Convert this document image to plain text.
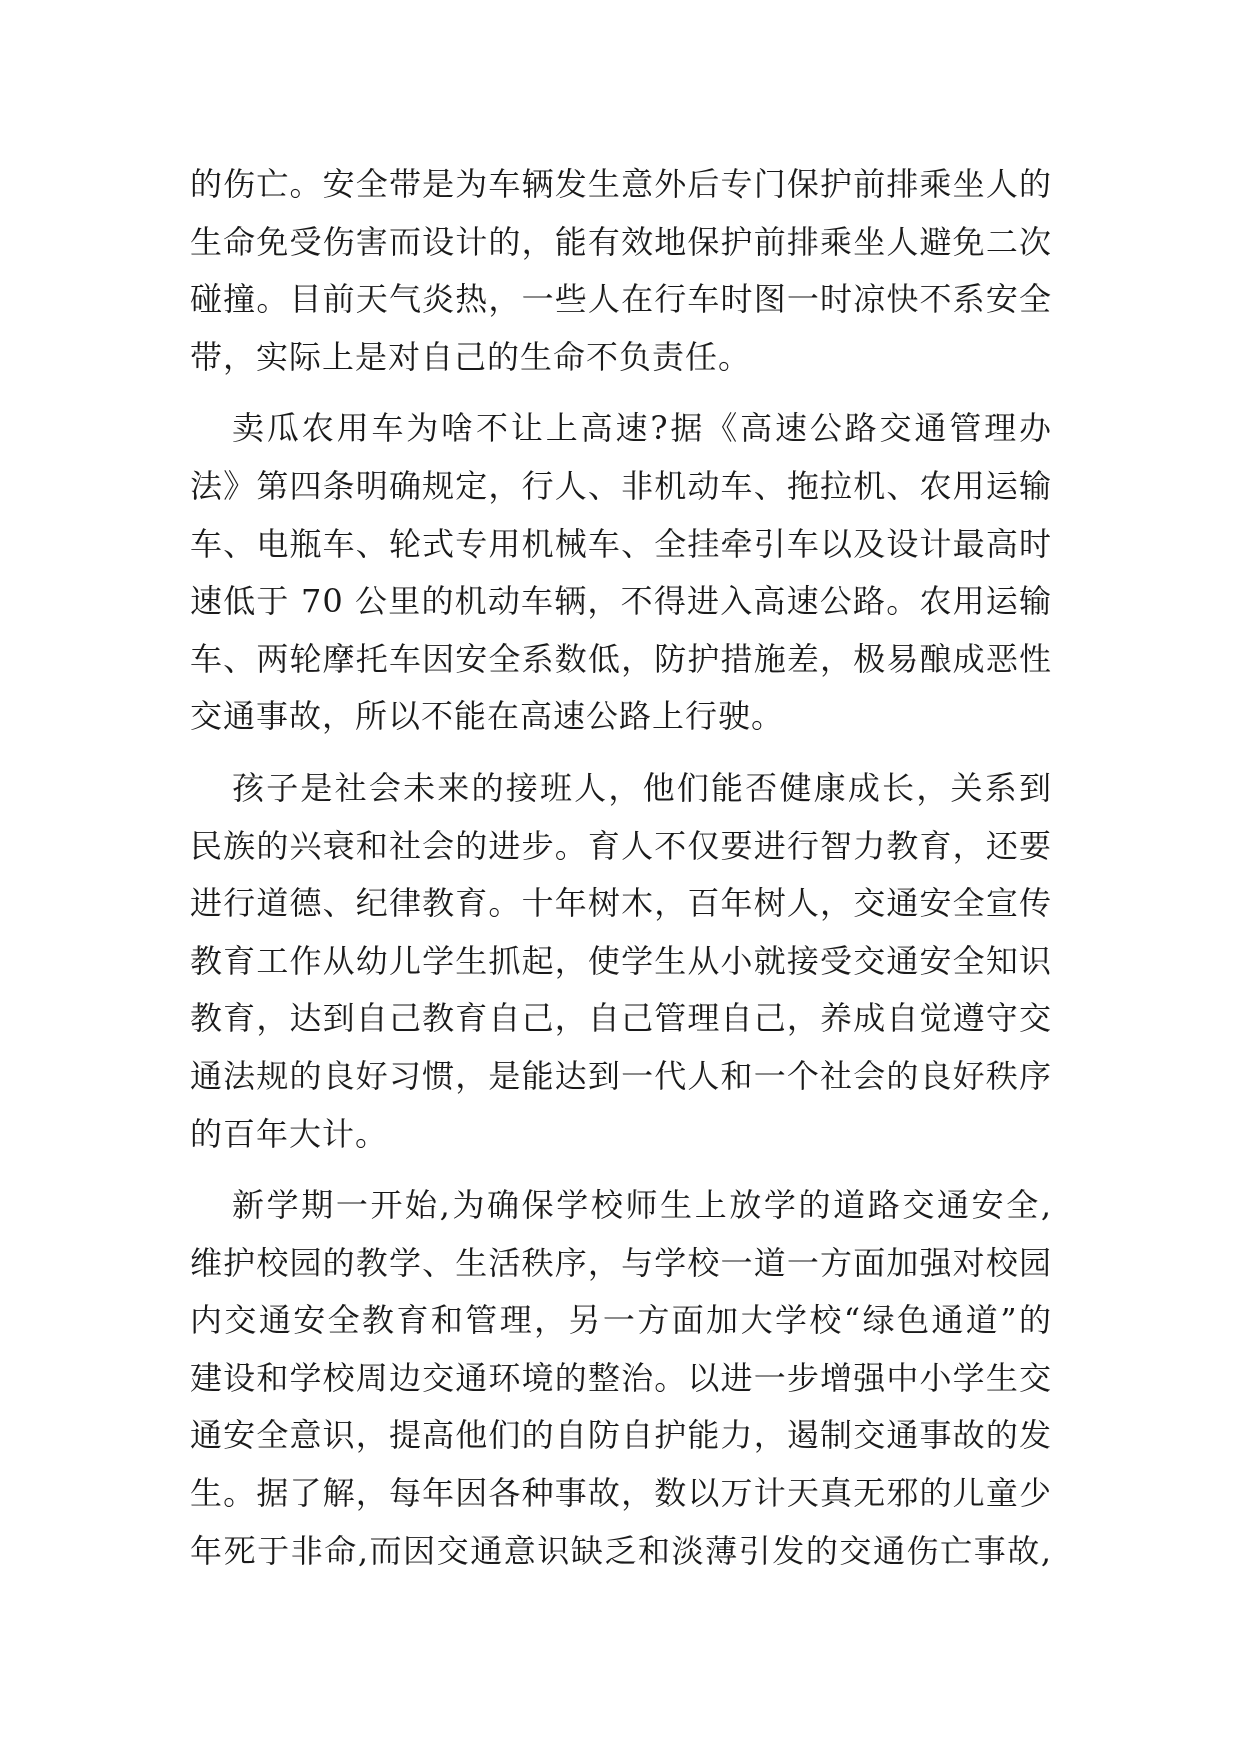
的伤亡。安全带是为车辆发生意外后专门保护前排乘坐人的
生命免受伤害而设计的，能有效地保护前排乘坐人避免二次
碰撞。目前天气炎热，一些人在行车时图一时凉快不系安全
带，实际上是对自己的生命不负责任。
卖瓜农用车为啥不让上高速?据《高速公路交通管理办
法》第四条明确规定，行人、非机动车、拖拉机、农用运输
车、电瓶车、轮式专用机械车、全挂牵引车以及设计最高时
速低于 70 公里的机动车辆，不得进入高速公路。农用运输
车、两轮摩托车因安全系数低，防护措施差，极易酿成恶性
交通事故，所以不能在高速公路上行驶。
孩子是社会未来的接班人，他们能否健康成长，关系到
民族的兴衰和社会的进步。育人不仅要进行智力教育，还要
进行道德、纪律教育。十年树木，百年树人，交通安全宣传
教育工作从幼儿学生抓起，使学生从小就接受交通安全知识
教育，达到自己教育自己，自己管理自己，养成自觉遵守交
通法规的良好习惯，是能达到一代人和一个社会的良好秩序
的百年大计。
新学期一开始,为确保学校师生上放学的道路交通安全,
维护校园的教学、生活秩序，与学校一道一方面加强对校园
内交通安全教育和管理，另一方面加大学校“绿色通道”的
建设和学校周边交通环境的整治。以进一步增强中小学生交
通安全意识，提高他们的自防自护能力，遏制交通事故的发
生。据了解，每年因各种事故，数以万计天真无邪的儿童少
年死于非命,而因交通意识缺乏和淡薄引发的交通伤亡事故,
